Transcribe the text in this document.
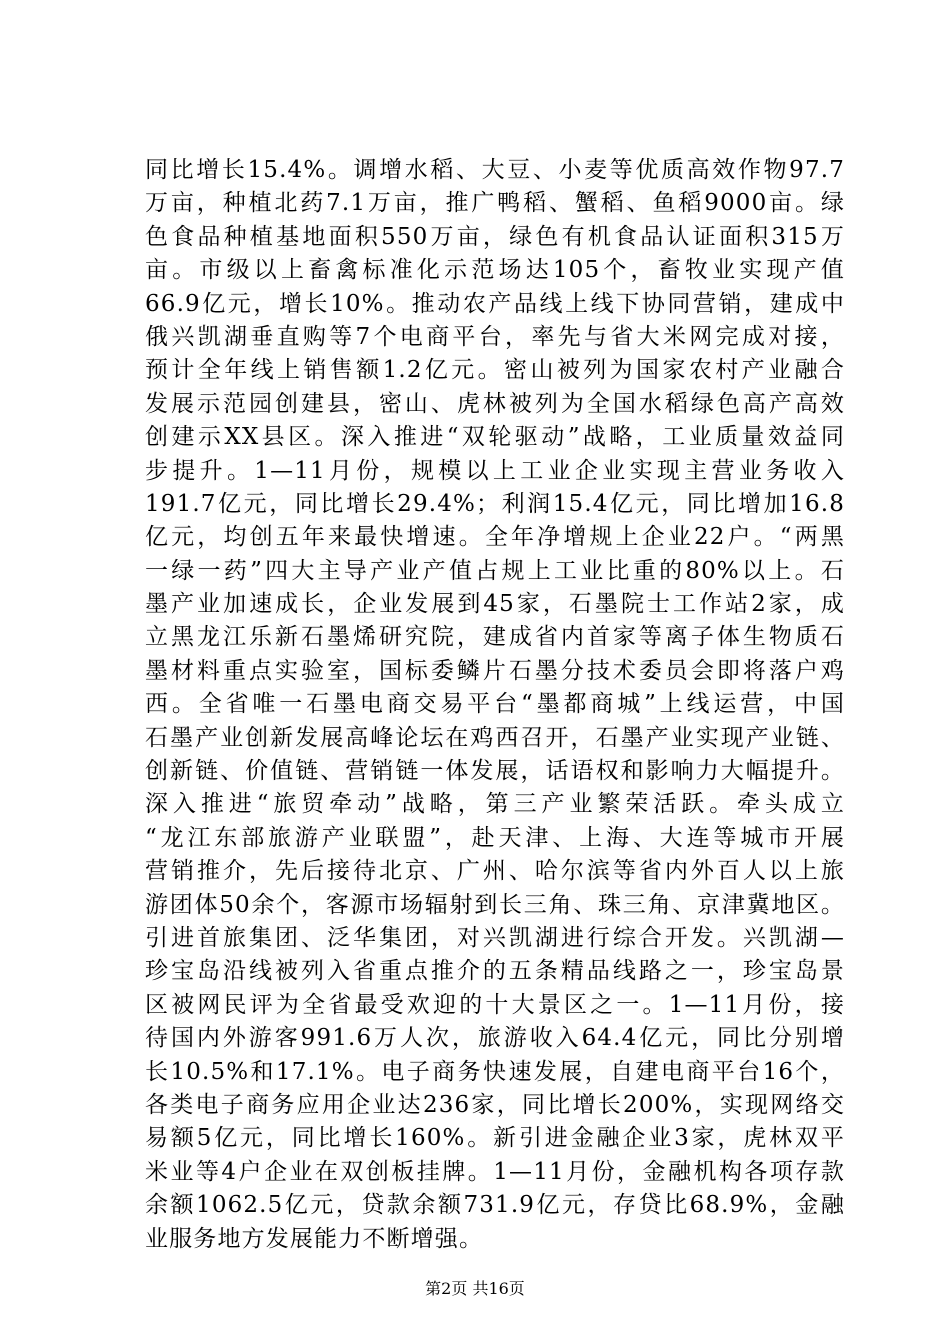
同比增长15.4%。调增水稻、大豆、小麦等优质高效作物97.7
万亩，种植北药7.1万亩，推广鸭稻、蟹稻、鱼稻9000亩。绿
色食品种植基地面积550万亩，绿色有机食品认证面积315万
亩。市级以上畜禽标准化示范场达105个，畜牧业实现产值
66.9亿元，增长10%。推动农产品线上线下协同营销，建成中
俄兴凯湖垂直购等7个电商平台，率先与省大米网完成对接，
预计全年线上销售额1.2亿元。密山被列为国家农村产业融合
发展示范园创建县，密山、虎林被列为全国水稻绿色高产高效
创建示XX县区。深入推进“双轮驱动”战略，工业质量效益同
步提升。1—11月份，规模以上工业企业实现主营业务收入
191.7亿元，同比增长29.4%；利润15.4亿元，同比增加16.8
亿元，均创五年来最快增速。全年净增规上企业22户。“两黑
一绿一药”四大主导产业产值占规上工业比重的80%以上。石
墨产业加速成长，企业发展到45家，石墨院士工作站2家，成
立黑龙江乐新石墨烯研究院，建成省内首家等离子体生物质石
墨材料重点实验室，国标委鳞片石墨分技术委员会即将落户鸡
西。全省唯一石墨电商交易平台“墨都商城”上线运营，中国
石墨产业创新发展高峰论坛在鸡西召开，石墨产业实现产业链、
创新链、价值链、营销链一体发展，话语权和影响力大幅提升。
深入推进“旅贸牵动”战略，第三产业繁荣活跃。牵头成立
“龙江东部旅游产业联盟”，赴天津、上海、大连等城市开展
营销推介，先后接待北京、广州、哈尔滨等省内外百人以上旅
游团体50余个，客源市场辐射到长三角、珠三角、京津冀地区。
引进首旅集团、泛华集团，对兴凯湖进行综合开发。兴凯湖—
珍宝岛沿线被列入省重点推介的五条精品线路之一，珍宝岛景
区被网民评为全省最受欢迎的十大景区之一。1—11月份，接
待国内外游客991.6万人次，旅游收入64.4亿元，同比分别增
长10.5%和17.1%。电子商务快速发展，自建电商平台16个，
各类电子商务应用企业达236家，同比增长200%，实现网络交
易额5亿元，同比增长160%。新引进金融企业3家，虎林双平
米业等4户企业在双创板挂牌。1—11月份，金融机构各项存款
余额1062.5亿元，贷款余额731.9亿元，存贷比68.9%，金融
业服务地方发展能力不断增强。
第2页 共16页
